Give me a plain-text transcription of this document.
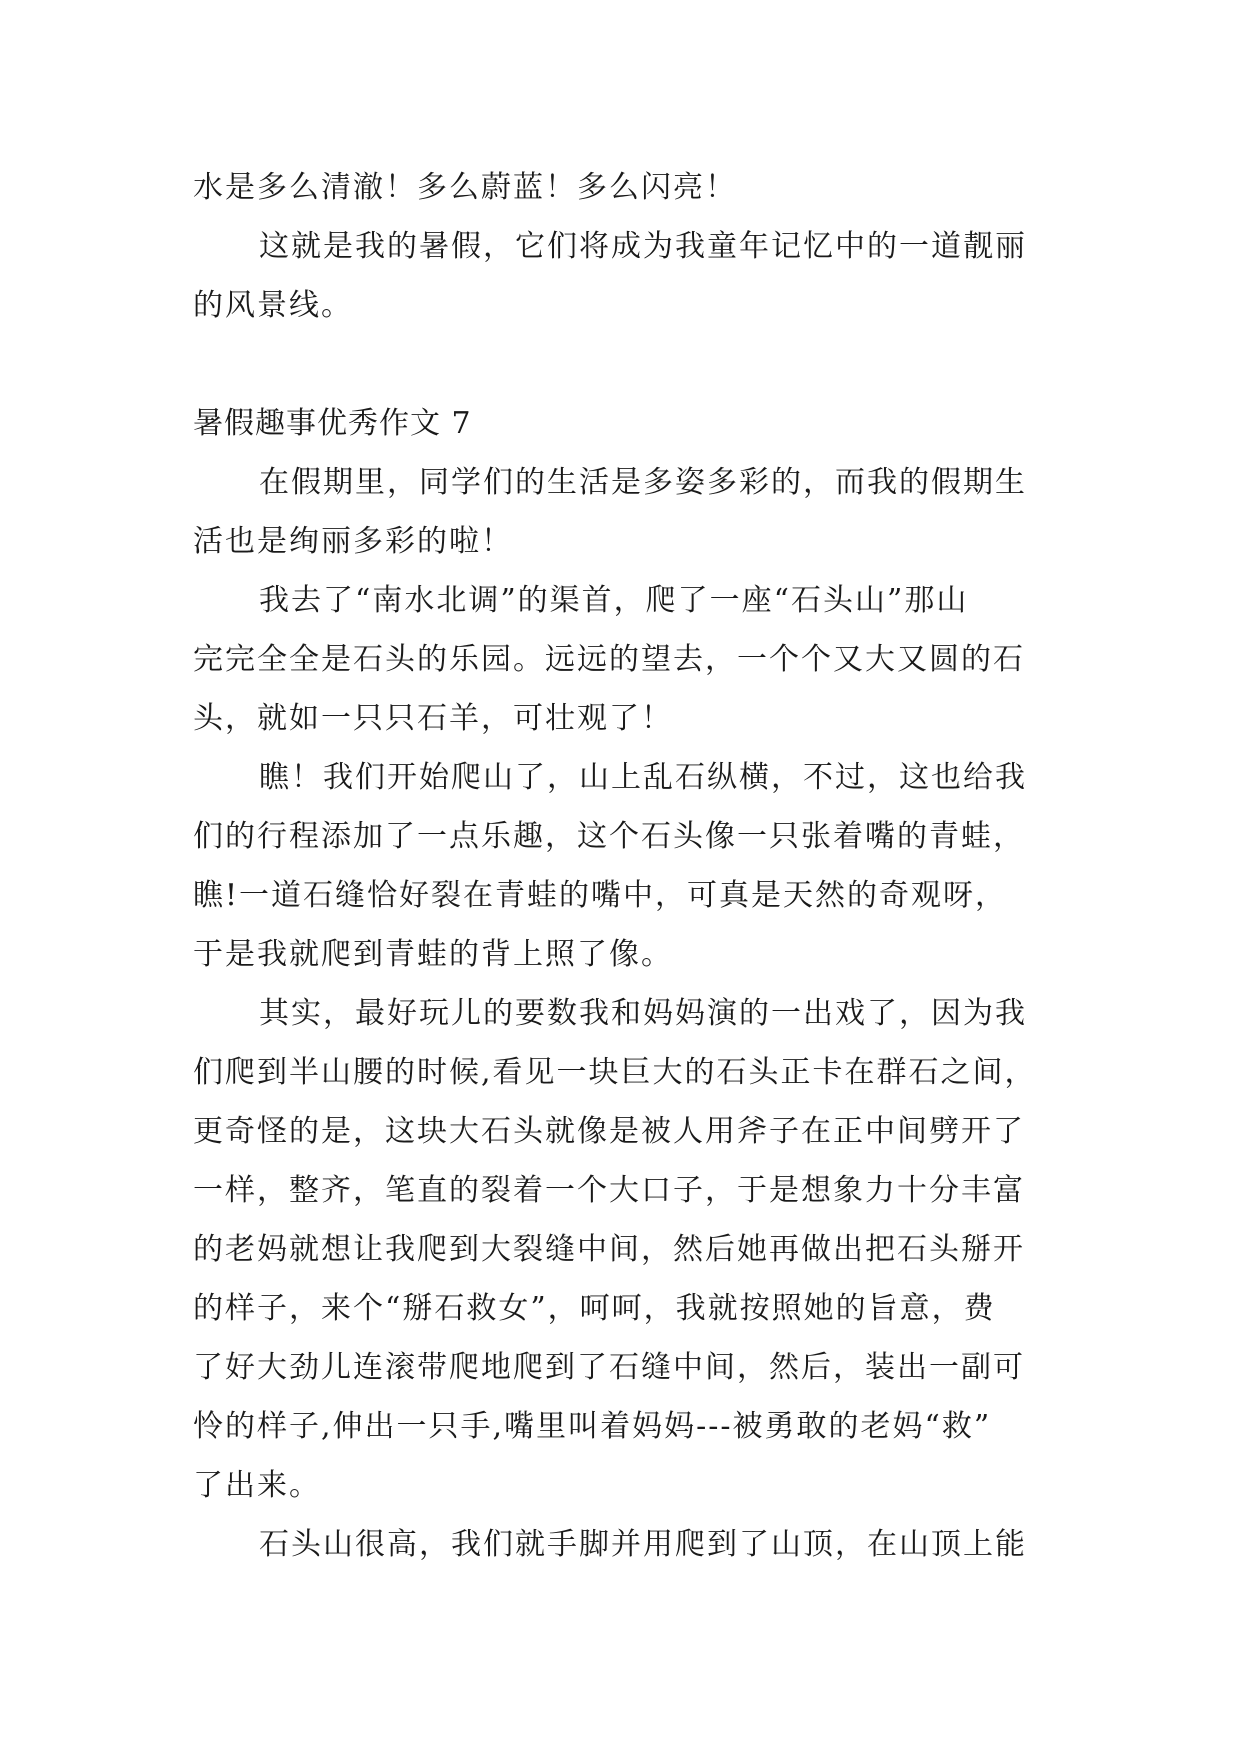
水是多么清澈！多么蔚蓝！多么闪亮！
这就是我的暑假，它们将成为我童年记忆中的一道靓丽
的风景线。
暑假趣事优秀作文 7
在假期里，同学们的生活是多姿多彩的，而我的假期生
活也是绚丽多彩的啦！
我去了“南水北调”的渠首，爬了一座“石头山”那山
完完全全是石头的乐园。远远的望去，一个个又大又圆的石
头，就如一只只石羊，可壮观了！
瞧！我们开始爬山了，山上乱石纵横，不过，这也给我
们的行程添加了一点乐趣，这个石头像一只张着嘴的青蛙，
瞧!一道石缝恰好裂在青蛙的嘴中，可真是天然的奇观呀，
于是我就爬到青蛙的背上照了像。
其实，最好玩儿的要数我和妈妈演的一出戏了，因为我
们爬到半山腰的时候,看见一块巨大的石头正卡在群石之间，
更奇怪的是，这块大石头就像是被人用斧子在正中间劈开了
一样，整齐，笔直的裂着一个大口子，于是想象力十分丰富
的老妈就想让我爬到大裂缝中间，然后她再做出把石头掰开
的样子，来个“掰石救女”，呵呵，我就按照她的旨意，费
了好大劲儿连滚带爬地爬到了石缝中间，然后，装出一副可
怜的样子,伸出一只手,嘴里叫着妈妈---被勇敢的老妈“救”
了出来。
石头山很高，我们就手脚并用爬到了山顶，在山顶上能
